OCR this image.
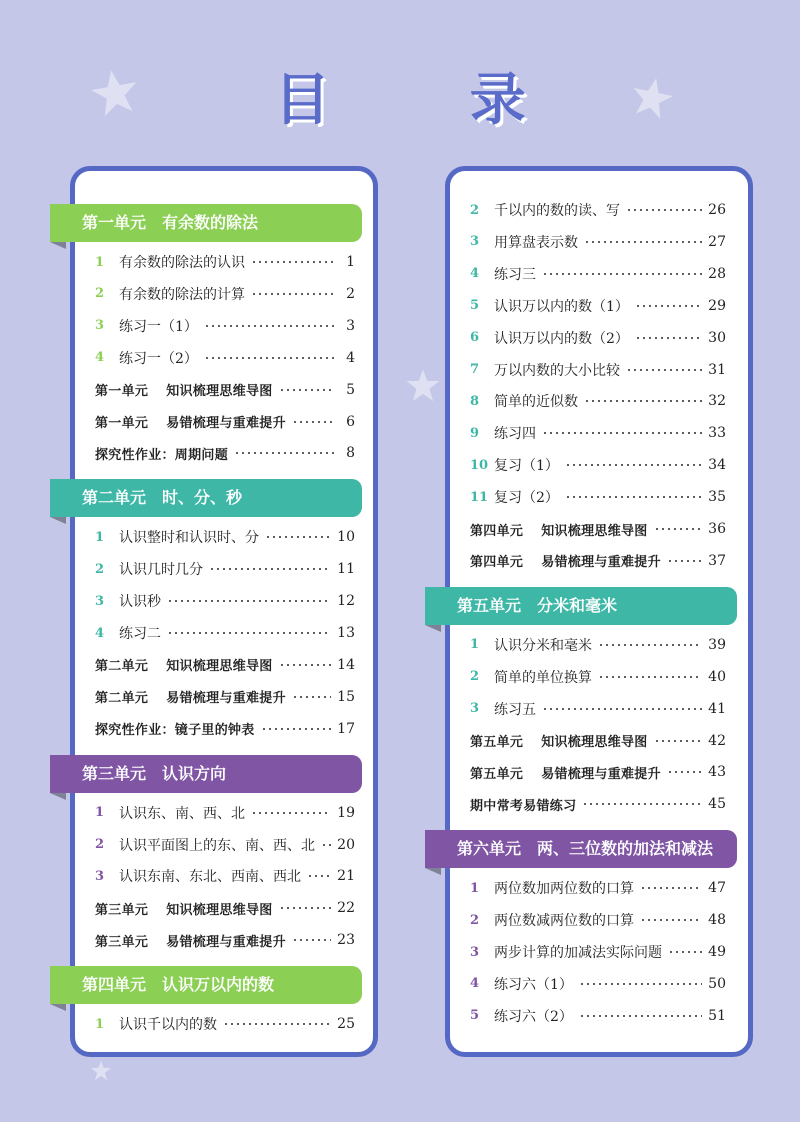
目 录
第一单元　有余数的除法
1	有余数的除法的认识	1
2	有余数的除法的计算	2
3	练习一（1）	3
4	练习一（2）	4
第一单元 知识梳理思维导图	5
第一单元 易错梳理与重难提升	6
探究性作业：周期问题	8
第二单元　时、分、秒
1	认识整时和认识时、分	10
2	认识几时几分	11
3	认识秒	12
4	练习二	13
第二单元 知识梳理思维导图	14
第二单元 易错梳理与重难提升	15
探究性作业：镜子里的钟表	17
第三单元　认识方向
1	认识东、南、西、北	19
2	认识平面图上的东、南、西、北 20
3	认识东南、东北、西南、西北	21
第三单元 知识梳理思维导图	22
第三单元 易错梳理与重难提升	23
第四单元　认识万以内的数
1	认识千以内的数	25
2	千以内的数的读、写	26
3	用算盘表示数	27
4	练习三	28
5	认识万以内的数（1）	29
6	认识万以内的数（2）	30
7	万以内数的大小比较	31
8	简单的近似数	32
9	练习四	33
10 复习（1）	34
11 复习（2）	35
第四单元 知识梳理思维导图	36
第四单元 易错梳理与重难提升	37
第五单元　分米和毫米
1	认识分米和毫米	39
2	简单的单位换算	40
3	练习五	41
第五单元 知识梳理思维导图	42
第五单元 易错梳理与重难提升	43
期中常考易错练习	45
第六单元　两、三位数的加法和减法
1	两位数加两位数的口算	47
2	两位数减两位数的口算	48
3	两步计算的加减法实际问题	49
4	练习六（1）	50
5	练习六（2）	51
